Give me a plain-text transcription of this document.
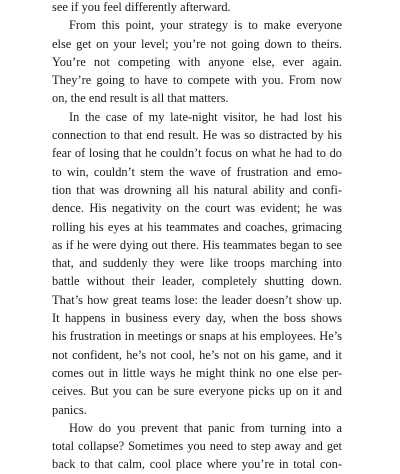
see if you feel differently afterward.
From this point, your strategy is to make everyone
else get on your level; you’re not going down to theirs.
You’re not competing with anyone else, ever again.
They’re going to have to compete with you. From now
on, the end result is all that matters.
In the case of my late-night visitor, he had lost his
connection to that end result. He was so distracted by his
fear of losing that he couldn’t focus on what he had to do
to win, couldn’t stem the wave of frustration and emo-
tion that was drowning all his natural ability and confi-
dence. His negativity on the court was evident; he was
rolling his eyes at his teammates and coaches, grimacing
as if he were dying out there. His teammates began to see
that, and suddenly they were like troops marching into
battle without their leader, completely shutting down.
That’s how great teams lose: the leader doesn’t show up.
It happens in business every day, when the boss shows
his frustration in meetings or snaps at his employees. He’s
not confident, he’s not cool, he’s not on his game, and it
comes out in little ways he might think no one else per-
ceives. But you can be sure everyone picks up on it and
panics.
How do you prevent that panic from turning into a
total collapse? Sometimes you need to step away and get
back to that calm, cool place where you’re in total con-
